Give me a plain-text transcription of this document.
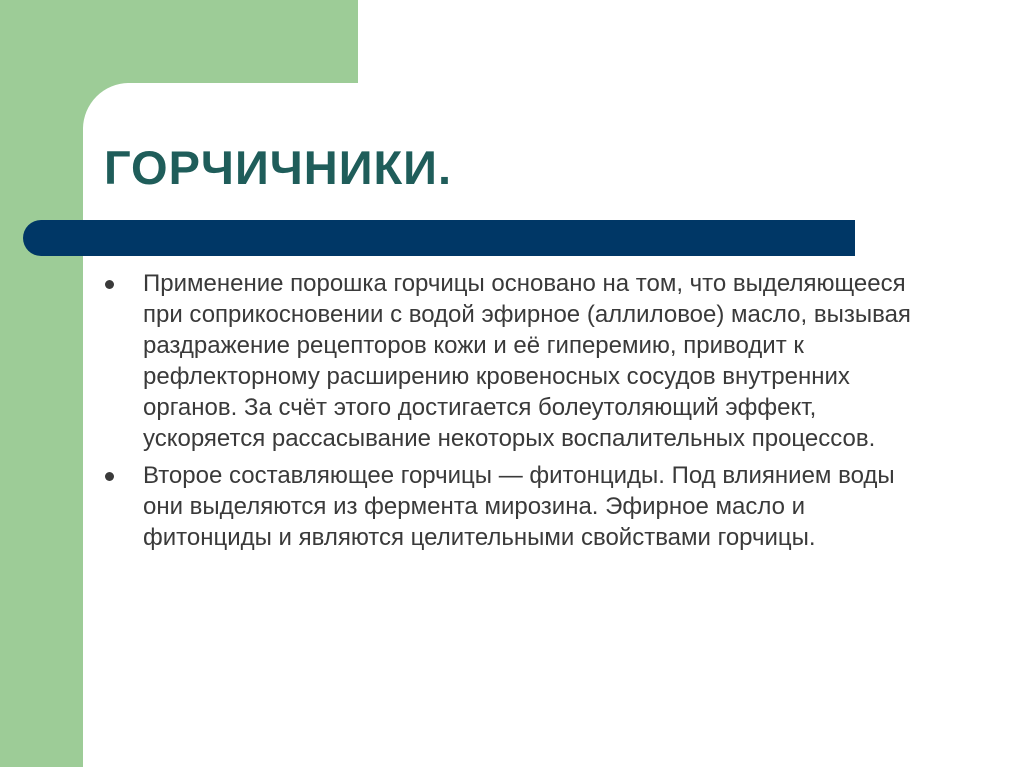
ГОРЧИЧНИКИ.
Применение порошка горчицы основано на том, что выделяющееся при соприкосновении с водой эфирное (аллиловое) масло, вызывая раздражение рецепторов кожи и её гиперемию, приводит к рефлекторному расширению кровеносных сосудов внутренних органов. За счёт этого достигается болеутоляющий эффект, ускоряется рассасывание некоторых воспалительных процессов.
Второе составляющее горчицы — фитонциды. Под влиянием воды они выделяются из фермента мирозина. Эфирное масло и фитонциды и являются целительными свойствами горчицы.
